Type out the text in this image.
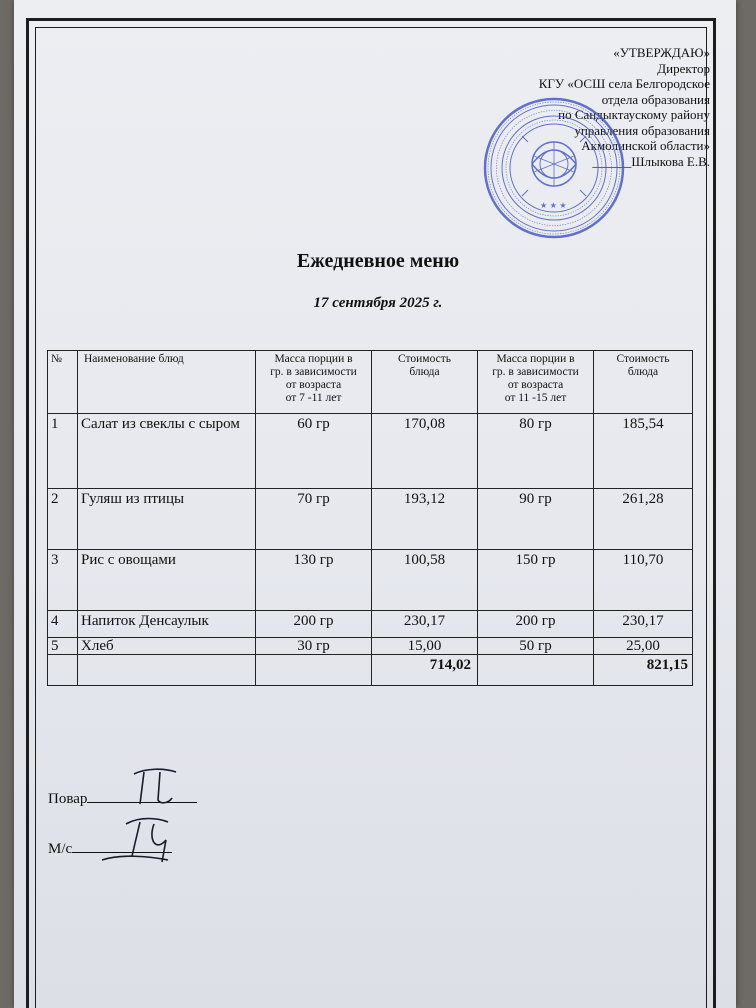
«УТВЕРЖДАЮ»
Директор
КГУ «ОСШ села Белгородское
отдела образования
по Сандыктаускому району
управления образования
Акмолинской области»
______Шлыкова Е.В.
★ ★ ★
Ежедневное меню
17 сентября 2025 г.
№	Наименование блюд	Масса порции в
гр. в зависимости
от возраста
от 7 -11 лет	Стоимость
блюда	Масса порции в
гр. в зависимости
от возраста
от 11 -15 лет	Стоимость
блюда
1	Салат из свеклы с сыром	60 гр	170,08	80 гр	185,54
2	Гуляш из птицы	70 гр	193,12	90 гр	261,28
3	Рис с овощами	130 гр	100,58	150 гр	110,70
4	Напиток Денсаулык	200 гр	230,17	200 гр	230,17
5	Хлеб	30 гр	15,00	50 гр	25,00
			714,02		821,15
Повар
М/с
